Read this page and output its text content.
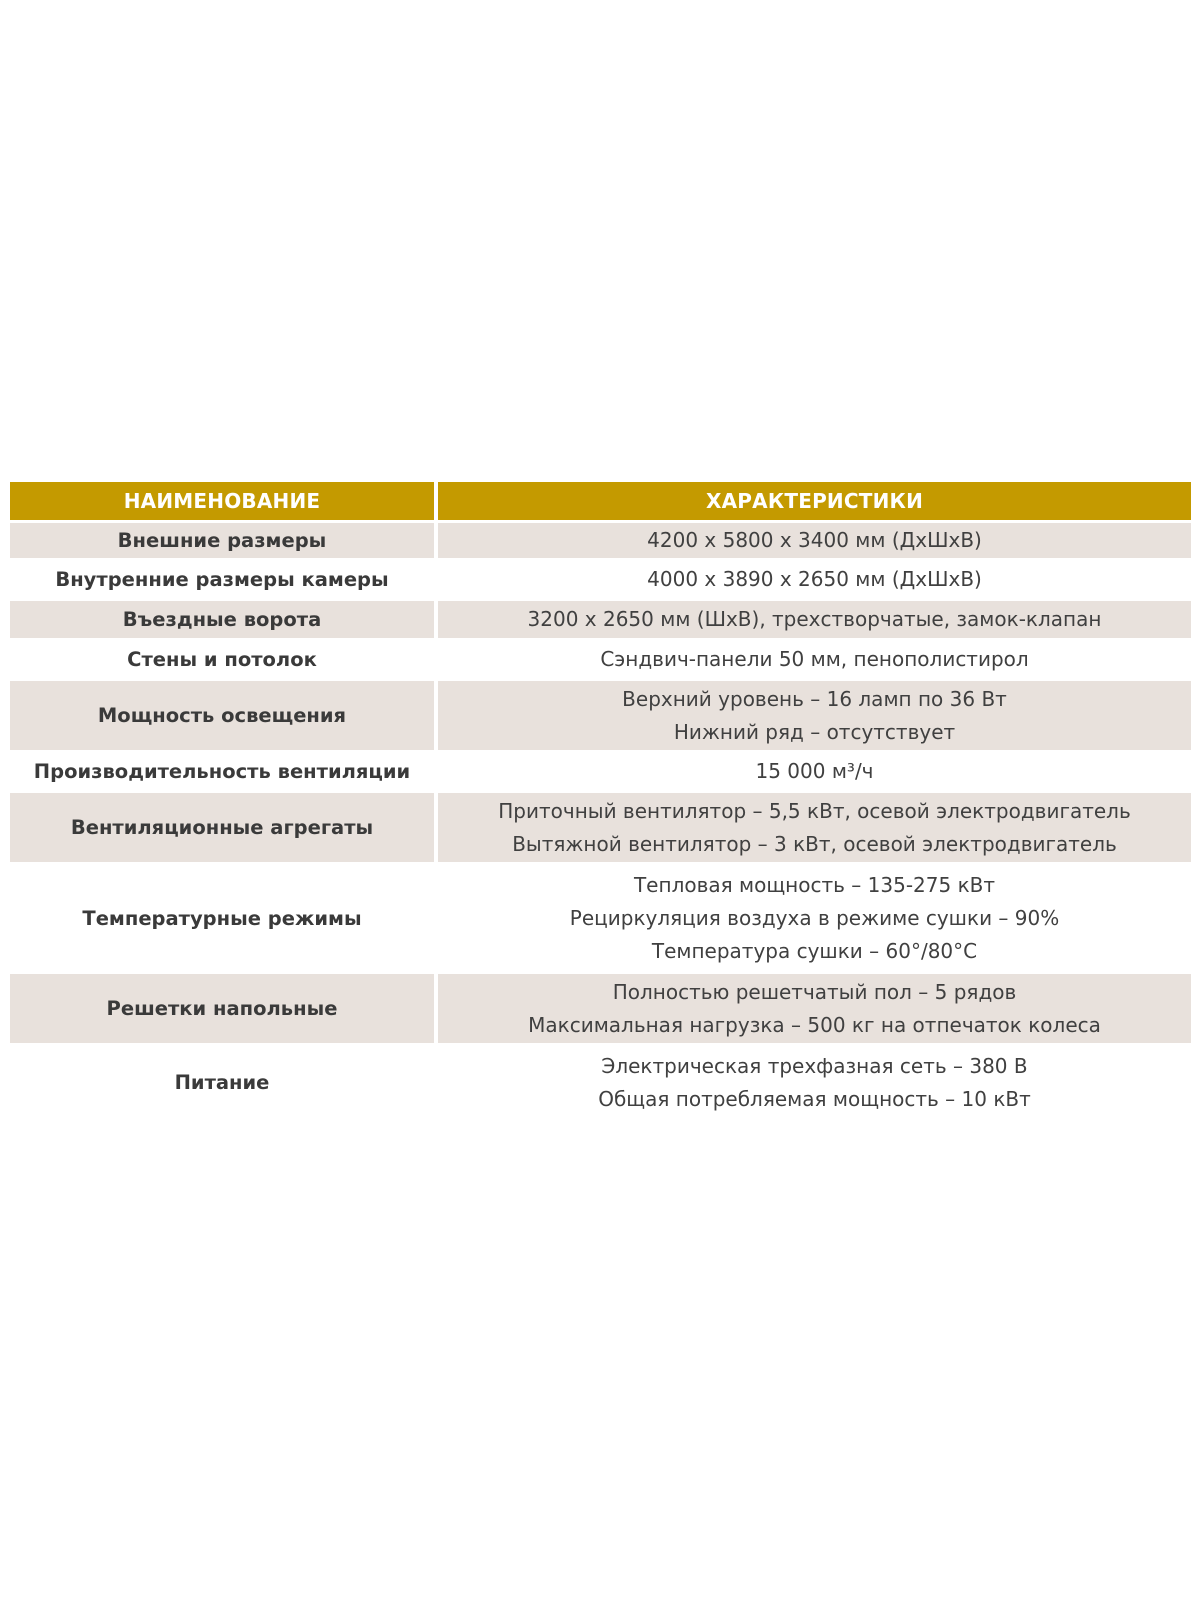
НАИМЕНОВАНИЕ	ХАРАКТЕРИСТИКИ
Внешние размеры	4200 х 5800 х 3400 мм (ДхШхВ)

Внутренние размеры камеры	4000 х 3890 х 2650 мм (ДхШхВ)

Въездные ворота	3200 х 2650 мм (ШхВ), трехстворчатые, замок-клапан

Стены и потолок	Сэндвич-панели 50 мм, пенополистирол

Мощность освещения	Верхний уровень – 16 ламп по 36 Вт
Нижний ряд – отсутствует

Производительность вентиляции	15 000 м³/ч

Вентиляционные агрегаты	Приточный вентилятор – 5,5 кВт, осевой электродвигатель
Вытяжной вентилятор – 3 кВт, осевой электродвигатель

Температурные режимы	Тепловая мощность – 135-275 кВт
Рециркуляция воздуха в режиме сушки – 90%
Температура сушки – 60°/80°С

Решетки напольные	Полностью решетчатый пол – 5 рядов
Максимальная нагрузка – 500 кг на отпечаток колеса

Питание	Электрическая трехфазная сеть – 380 В
Общая потребляемая мощность – 10 кВт
